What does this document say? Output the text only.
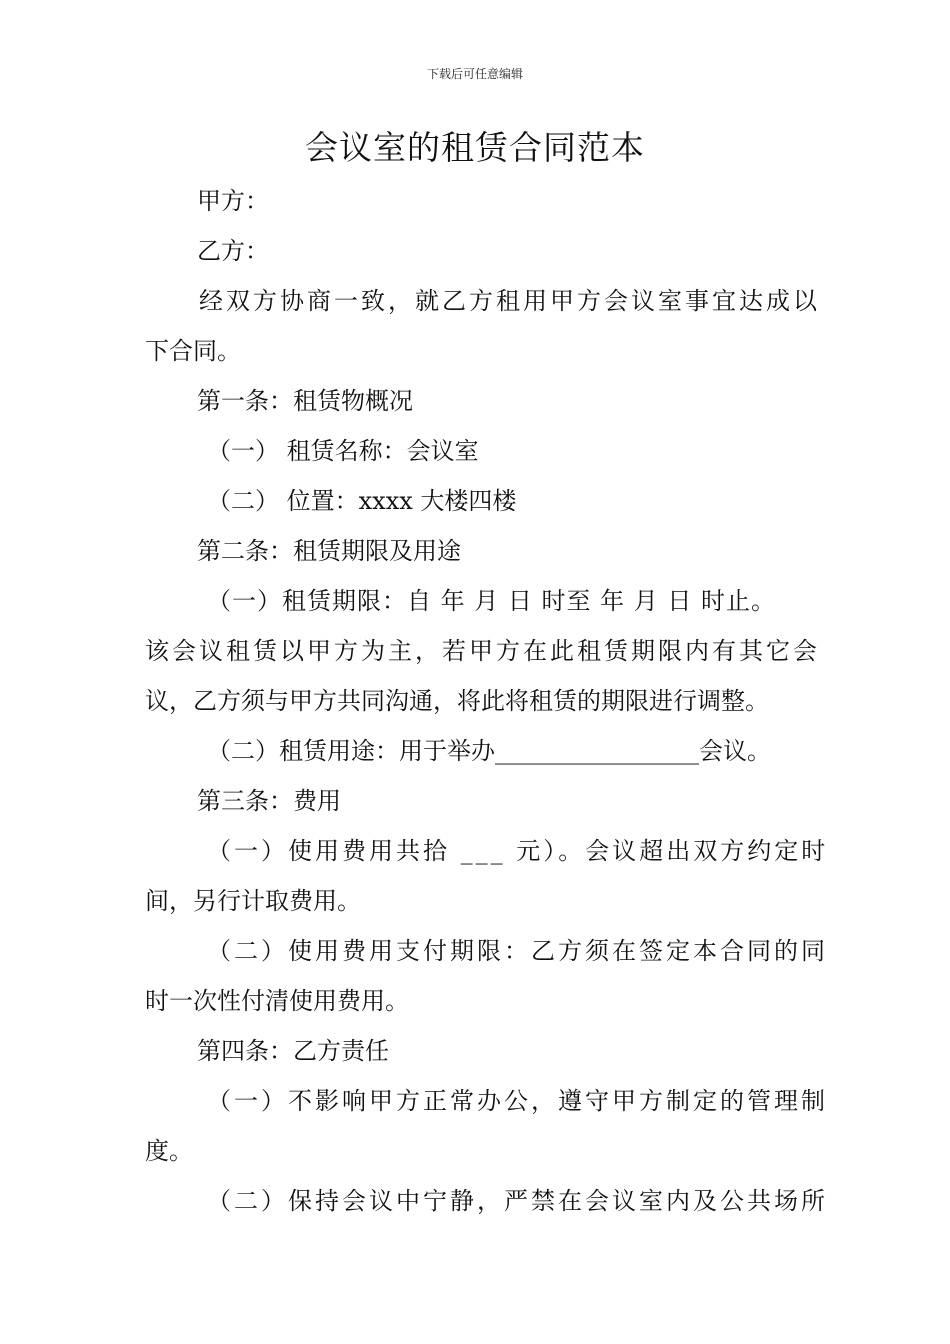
下载后可任意编辑
会议室的租赁合同范本

甲方：

乙方：

经双方协商一致，就乙方租用甲方会议室事宜达成以

下合同。

第一条：租赁物概况

（一） 租赁名称：会议室

（二） 位置：xxxx 大楼四楼

第二条：租赁期限及用途

（一）租赁期限：自 年 月 日 时至 年 月 日 时止。

该会议租赁以甲方为主，若甲方在此租赁期限内有其它会

议，乙方须与甲方共同沟通，将此将租赁的期限进行调整。

（二）租赁用途：用于举办_________________会议。

第三条：费用

（一）使用费用共拾 ___ 元）。会议超出双方约定时

间，另行计取费用。

（二）使用费用支付期限：乙方须在签定本合同的同

时一次性付清使用费用。

第四条：乙方责任

（一）不影响甲方正常办公，遵守甲方制定的管理制

度。

（二）保持会议中宁静，严禁在会议室内及公共场所
